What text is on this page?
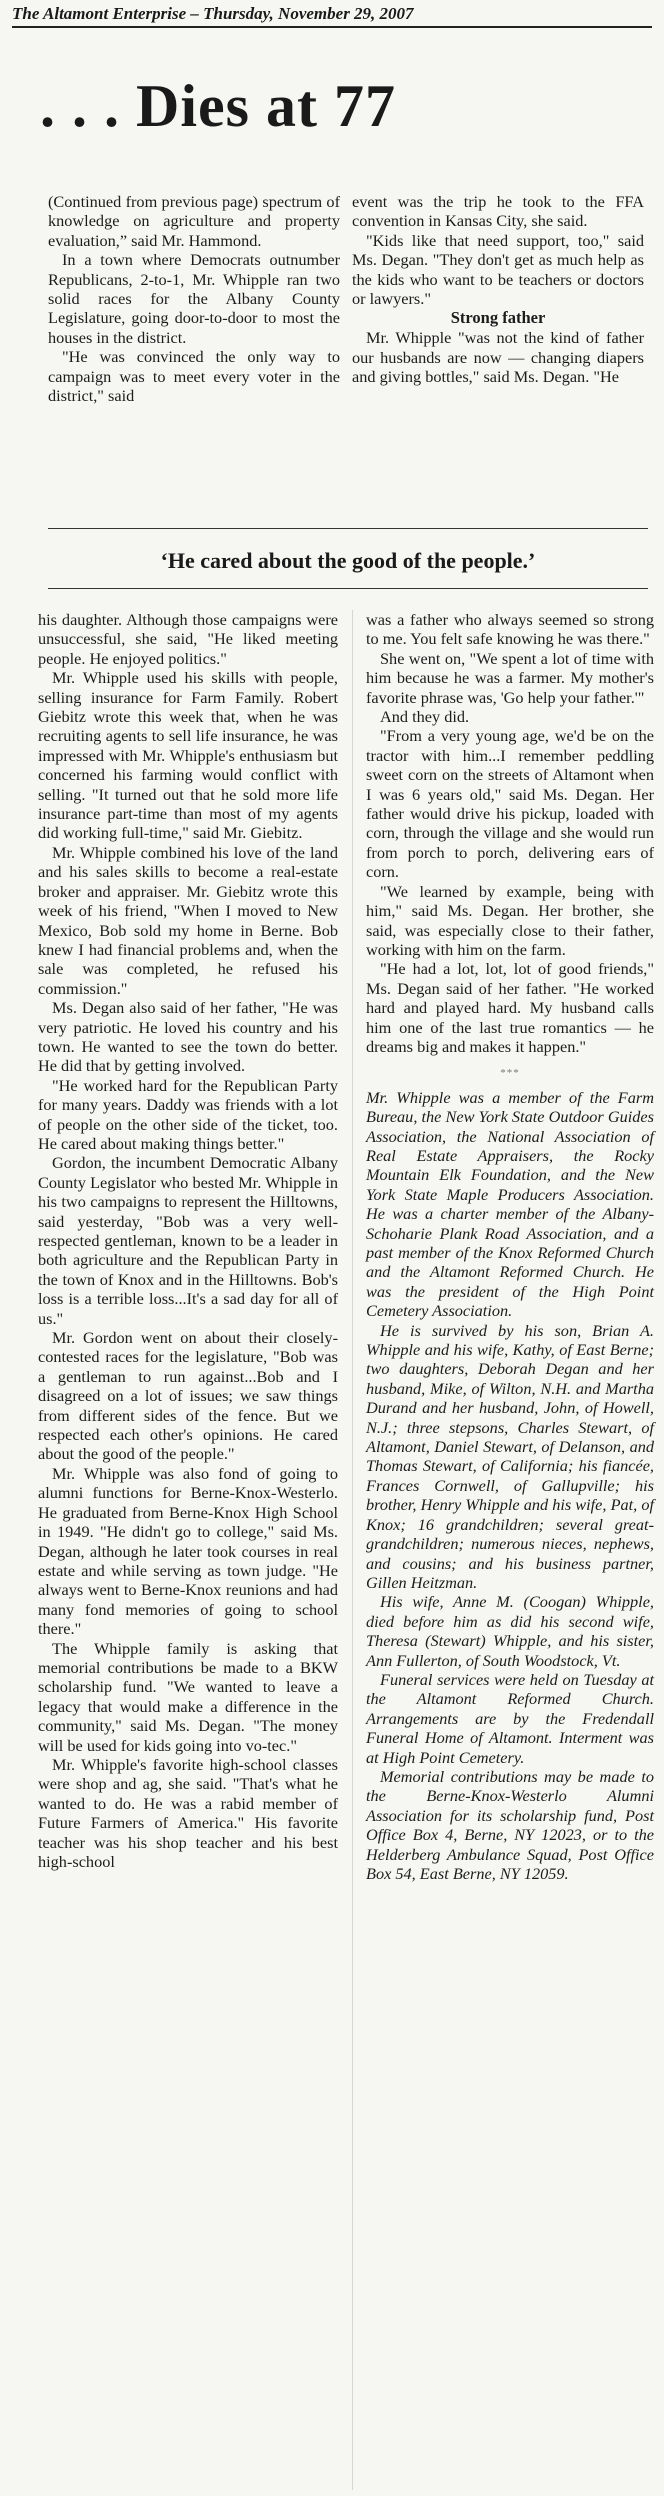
The Altamont Enterprise – Thursday, November 29, 2007
. . . Dies at 77

(Continued from previous page) spectrum of knowledge on agriculture and property evaluation,” said Mr. Hammond.

In a town where Democrats outnumber Republicans, 2-to-1, Mr. Whipple ran two solid races for the Albany County Legislature, going door-to-door to most the houses in the district.

"He was convinced the only way to campaign was to meet every voter in the district," said

event was the trip he took to the FFA convention in Kansas City, she said.

"Kids like that need support, too," said Ms. Degan. "They don't get as much help as the kids who want to be teachers or doctors or lawyers."

Strong father

Mr. Whipple "was not the kind of father our husbands are now — changing diapers and giving bottles," said Ms. Degan. "He

‘He cared about the good of the people.’

his daughter. Although those campaigns were unsuccessful, she said, "He liked meeting people. He enjoyed politics."

Mr. Whipple used his skills with people, selling insurance for Farm Family. Robert Giebitz wrote this week that, when he was recruiting agents to sell life insurance, he was impressed with Mr. Whipple's enthusiasm but concerned his farming would conflict with selling. "It turned out that he sold more life insurance part-time than most of my agents did working full-time," said Mr. Giebitz.

Mr. Whipple combined his love of the land and his sales skills to become a real-estate broker and appraiser. Mr. Giebitz wrote this week of his friend, "When I moved to New Mexico, Bob sold my home in Berne. Bob knew I had financial problems and, when the sale was completed, he refused his commission."

Ms. Degan also said of her father, "He was very patriotic. He loved his country and his town. He wanted to see the town do better. He did that by getting involved.

"He worked hard for the Republican Party for many years. Daddy was friends with a lot of people on the other side of the ticket, too. He cared about making things better."

Gordon, the incumbent Democratic Albany County Legislator who bested Mr. Whipple in his two campaigns to represent the Hilltowns, said yesterday, "Bob was a very well-respected gentleman, known to be a leader in both agriculture and the Republican Party in the town of Knox and in the Hilltowns. Bob's loss is a terrible loss...It's a sad day for all of us."

Mr. Gordon went on about their closely-contested races for the legislature, "Bob was a gentleman to run against...Bob and I disagreed on a lot of issues; we saw things from different sides of the fence. But we respected each other's opinions. He cared about the good of the people."

Mr. Whipple was also fond of going to alumni functions for Berne-Knox-Westerlo. He graduated from Berne-Knox High School in 1949. "He didn't go to college," said Ms. Degan, although he later took courses in real estate and while serving as town judge. "He always went to Berne-Knox reunions and had many fond memories of going to school there."

The Whipple family is asking that memorial contributions be made to a BKW scholarship fund. "We wanted to leave a legacy that would make a difference in the community," said Ms. Degan. "The money will be used for kids going into vo-tec."

Mr. Whipple's favorite high-school classes were shop and ag, she said. "That's what he wanted to do. He was a rabid member of Future Farmers of America." His favorite teacher was his shop teacher and his best high-school

was a father who always seemed so strong to me. You felt safe knowing he was there."

She went on, "We spent a lot of time with him because he was a farmer. My mother's favorite phrase was, 'Go help your father.'"

And they did.

"From a very young age, we'd be on the tractor with him...I remember peddling sweet corn on the streets of Altamont when I was 6 years old," said Ms. Degan. Her father would drive his pickup, loaded with corn, through the village and she would run from porch to porch, delivering ears of corn.

"We learned by example, being with him," said Ms. Degan. Her brother, she said, was especially close to their father, working with him on the farm.

"He had a lot, lot, lot of good friends," Ms. Degan said of her father. "He worked hard and played hard. My husband calls him one of the last true romantics — he dreams big and makes it happen."

***

Mr. Whipple was a member of the Farm Bureau, the New York State Outdoor Guides Association, the National Association of Real Estate Appraisers, the Rocky Mountain Elk Foundation, and the New York State Maple Producers Association. He was a charter member of the Albany-Schoharie Plank Road Association, and a past member of the Knox Reformed Church and the Altamont Reformed Church. He was the president of the High Point Cemetery Association.

He is survived by his son, Brian A. Whipple and his wife, Kathy, of East Berne; two daughters, Deborah Degan and her husband, Mike, of Wilton, N.H. and Martha Durand and her husband, John, of Howell, N.J.; three stepsons, Charles Stewart, of Altamont, Daniel Stewart, of Delanson, and Thomas Stewart, of California; his fiancée, Frances Cornwell, of Gallupville; his brother, Henry Whipple and his wife, Pat, of Knox; 16 grandchildren; several great-grandchildren; numerous nieces, nephews, and cousins; and his business partner, Gillen Heitzman.

His wife, Anne M. (Coogan) Whipple, died before him as did his second wife, Theresa (Stewart) Whipple, and his sister, Ann Fullerton, of South Woodstock, Vt.

Funeral services were held on Tuesday at the Altamont Reformed Church. Arrangements are by the Fredendall Funeral Home of Altamont. Interment was at High Point Cemetery.

Memorial contributions may be made to the Berne-Knox-Westerlo Alumni Association for its scholarship fund, Post Office Box 4, Berne, NY 12023, or to the Helderberg Ambulance Squad, Post Office Box 54, East Berne, NY 12059.
